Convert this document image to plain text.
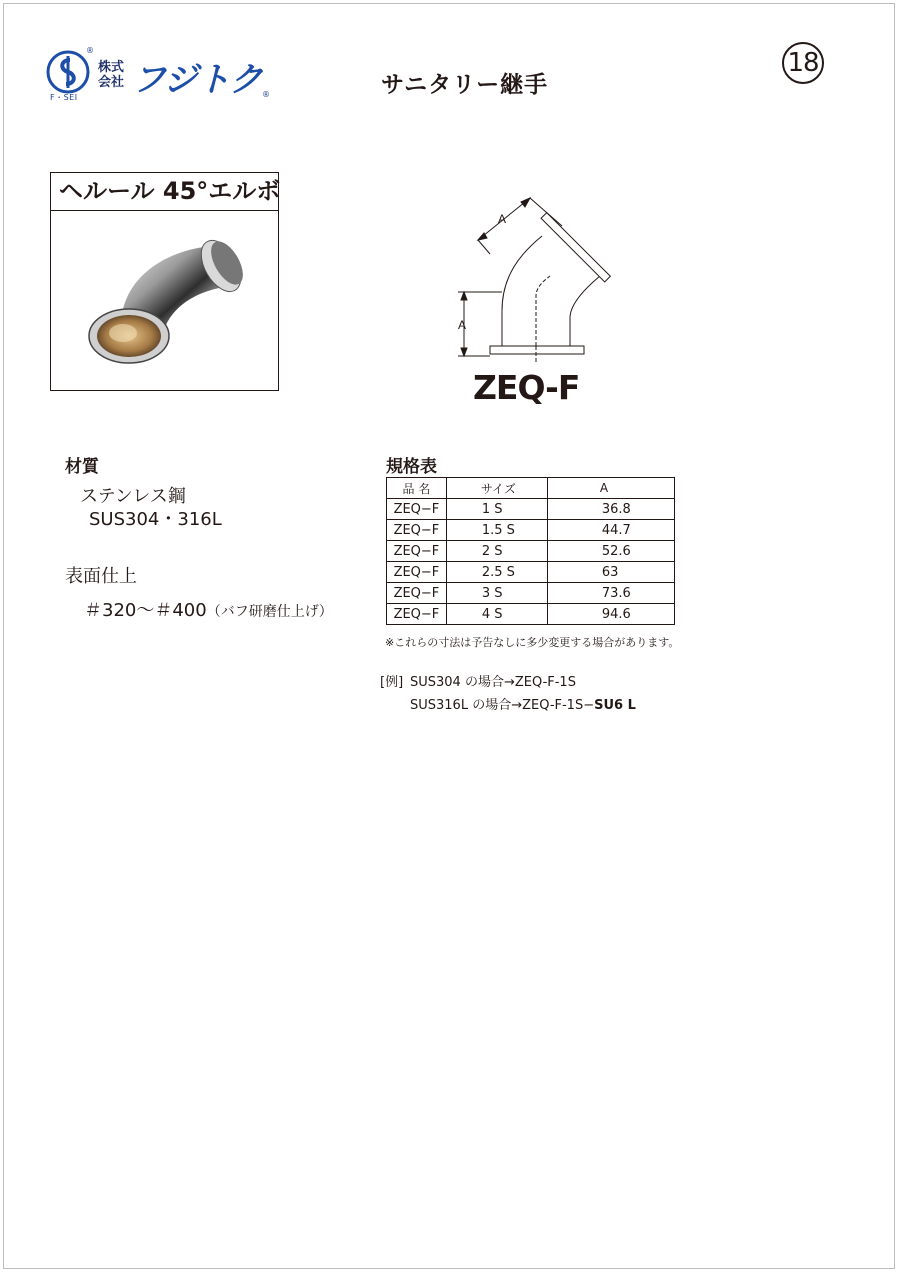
®
F・SEI
株式会社 フジトク ®	サニタリー継手
18
ヘルール 45°エルボ
A
A
ZEQ-F
材質
ステンレス鋼
SUS304・316L
表面仕上
＃320〜＃400（バフ研磨仕上げ）
規格表
品 名	サイズ	A
ZEQ−F	1 S	36.8
ZEQ−F	1.5 S	44.7
ZEQ−F	2 S	52.6
ZEQ−F	2.5 S	63
ZEQ−F	3 S	73.6
ZEQ−F	4 S	94.6
※これらの寸法は予告なしに多少変更する場合があります。
[例] SUS304 の場合→ZEQ-F-1S
SUS316L の場合→ZEQ-F-1S−SU6 L
